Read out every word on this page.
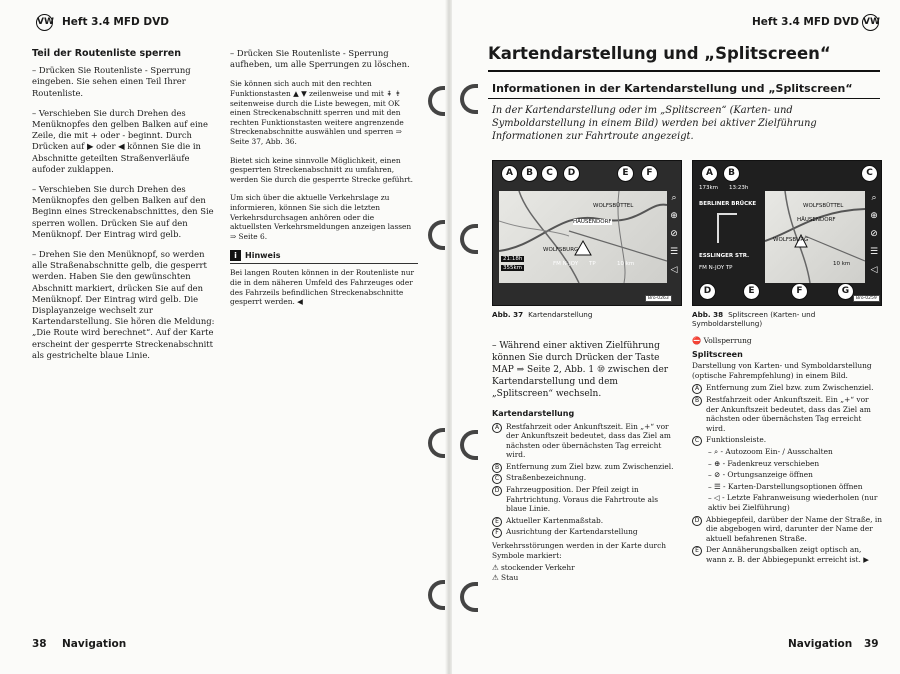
VW Heft 3.4 MFD DVD
Teil der Routenliste sperren

– Drücken Sie Routenliste - Sperrung eingeben. Sie sehen einen Teil Ihrer Routenliste.

– Verschieben Sie durch Drehen des Menüknopfes den gelben Balken auf eine Zeile, die mit + oder - beginnt. Durch Drücken auf ▶ oder ◀ können Sie die in Abschnitte geteilten Straßenverläufe aufoder zuklappen.

– Verschieben Sie durch Drehen des Menüknopfes den gelben Balken auf den Beginn eines Streckenabschnittes, den Sie sperren wollen. Drücken Sie auf den Menüknopf. Der Eintrag wird gelb.

– Drehen Sie den Menüknopf, so werden alle Straßenabschnitte gelb, die gesperrt werden. Haben Sie den gewünschten Abschnitt markiert, drücken Sie auf den Menüknopf. Der Eintrag wird gelb. Die Displayanzeige wechselt zur Kartendarstellung. Sie hören die Meldung: „Die Route wird berechnet“. Auf der Karte erscheint der gesperrte Streckenabschnitt als gestrichelte blaue Linie.

– Drücken Sie Routenliste - Sperrung aufheben, um alle Sperrungen zu löschen.

Sie können sich auch mit den rechten Funktionstasten ▲ ▼ zeilenweise und mit ⇞ ⇟ seitenweise durch die Liste bewegen, mit OK einen Streckenabschnitt sperren und mit den rechten Funktionstasten weitere angrenzende Streckenabschnitte auswählen und sperren ⇒ Seite 37, Abb. 36.

Bietet sich keine sinnvolle Möglichkeit, einen gesperrten Streckenabschnitt zu umfahren, werden Sie durch die gesperrte Strecke geführt.

Um sich über die aktuelle Verkehrslage zu informieren, können Sie sich die letzten Verkehrsdurchsagen anhören oder die aktuellsten Verkehrsmeldungen anzeigen lassen ⇒ Seite 6.

i Hinweis

Bei langen Routen können in der Routenliste nur die in dem näheren Umfeld des Fahrzeuges oder des Fahrzeils befindlichen Streckenabschnitte gesperrt werden. ◀

38 Navigation
Heft 3.4 MFD DVD VW
Kartendarstellung und „Splitscreen“
Informationen in der Kartendarstellung und „Splitscreen“
In der Kartendarstellung oder im „Splitscreen“ (Karten- und Symboldarstellung in einem Bild) werden bei aktiver Zielführung Informationen zur Fahrtroute angezeigt.
WOLFSBÜTTEL
HÄUSENDORF
WOLFSBURG
21:18h
355km
FM N-JOY TP	10 km
⌕
⊕
⊘
☰
◁
A	B	C	D	E	F
Bro-0263
Abb. 37 Kartendarstellung
173km 13:23h
BERLINER BRÜCKE
ESSLINGER STR.
FM N-JOY TP
WOLFSBÜTTEL
HÄUSENDORF
WOLFSBURG
10 km
⌕
⊕
⊘
☰
◁
A	B	C
D	E	F	G
Bro-0259
Abb. 38 Splitscreen (Karten- und Symboldarstellung)

– Während einer aktiven Zielführung können Sie durch Drücken der Taste MAP ⇒ Seite 2, Abb. 1 ⑩ zwischen der Kartendarstellung und dem „Splitscreen“ wechseln.

Kartendarstellung
A Restfahrzeit oder Ankunftszeit. Ein „+“ vor der Ankunftszeit bedeutet, dass das Ziel am nächsten oder übernächsten Tag erreicht wird.
B Entfernung zum Ziel bzw. zum Zwischenziel.
C Straßenbezeichnung.
D Fahrzeugposition. Der Pfeil zeigt in Fahrtrichtung. Voraus die Fahrtroute als blaue Linie.
E Aktueller Kartenmaßstab.
F Ausrichtung der Kartendarstellung

Verkehrsstörungen werden in der Karte durch Symbole markiert:

⚠ stockender Verkehr
⚠ Stau
⛔ Vollsperrung
Splitscreen

Darstellung von Karten- und Symboldarstellung (optische Fahrempfehlung) in einem Bild.

A Entfernung zum Ziel bzw. zum Zwischenziel.
B Restfahrzeit oder Ankunftszeit. Ein „+“ vor der Ankunftszeit bedeutet, dass das Ziel am nächsten oder übernächsten Tag erreicht wird.
C Funktionsleiste.
– ⌕ - Autozoom Ein- / Ausschalten
– ⊕ - Fadenkreuz verschieben
– ⊘ - Ortungsanzeige öffnen
– ☰ - Karten-Darstellungsoptionen öffnen
– ◁ - Letzte Fahranweisung wiederholen (nur aktiv bei Zielführung)
D Abbiegepfeil, darüber der Name der Straße, in die abgebogen wird, darunter der Name der aktuell befahrenen Straße.
E Der Annäherungsbalken zeigt optisch an, wann z. B. der Abbiegepunkt erreicht ist. ▶
Navigation 39
